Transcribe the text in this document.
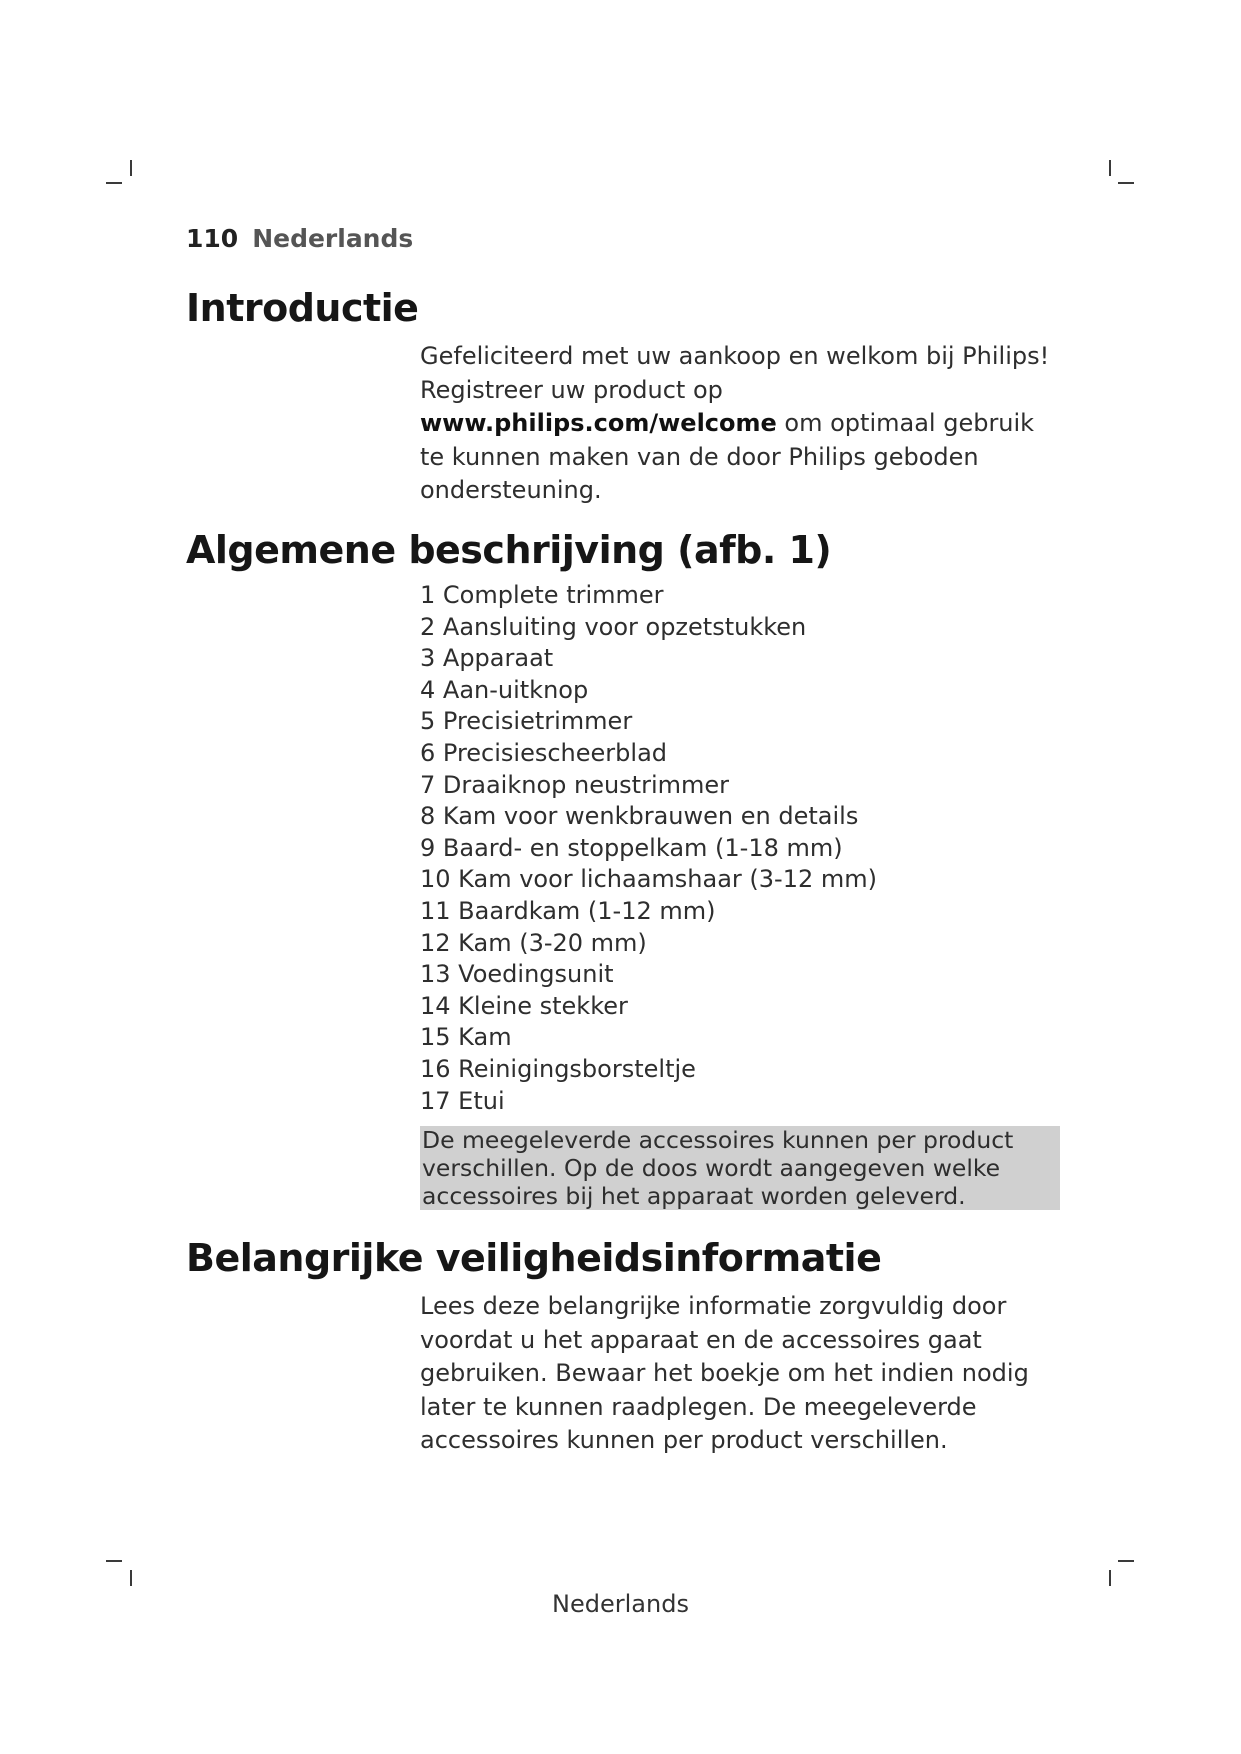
110 Nederlands
Introductie

Gefeliciteerd met uw aankoop en welkom bij Philips! Registreer uw product op www.philips.com/welcome om optimaal gebruik te kunnen maken van de door Philips geboden ondersteuning.

Algemene beschrijving (afb. 1)
1 Complete trimmer
2 Aansluiting voor opzetstukken
3 Apparaat
4 Aan-uitknop
5 Precisietrimmer
6 Precisiescheerblad
7 Draaiknop neustrimmer
8 Kam voor wenkbrauwen en details
9 Baard- en stoppelkam (1-18 mm)
10 Kam voor lichaamshaar (3-12 mm)
11 Baardkam (1-12 mm)
12 Kam (3-20 mm)
13 Voedingsunit
14 Kleine stekker
15 Kam
16 Reinigingsborsteltje
17 Etui

De meegeleverde accessoires kunnen per product verschillen. Op de doos wordt aangegeven welke accessoires bij het apparaat worden geleverd.

Belangrijke veiligheidsinformatie

Lees deze belangrijke informatie zorgvuldig door voordat u het apparaat en de accessoires gaat gebruiken. Bewaar het boekje om het indien nodig later te kunnen raadplegen. De meegeleverde accessoires kunnen per product verschillen.

Nederlands
